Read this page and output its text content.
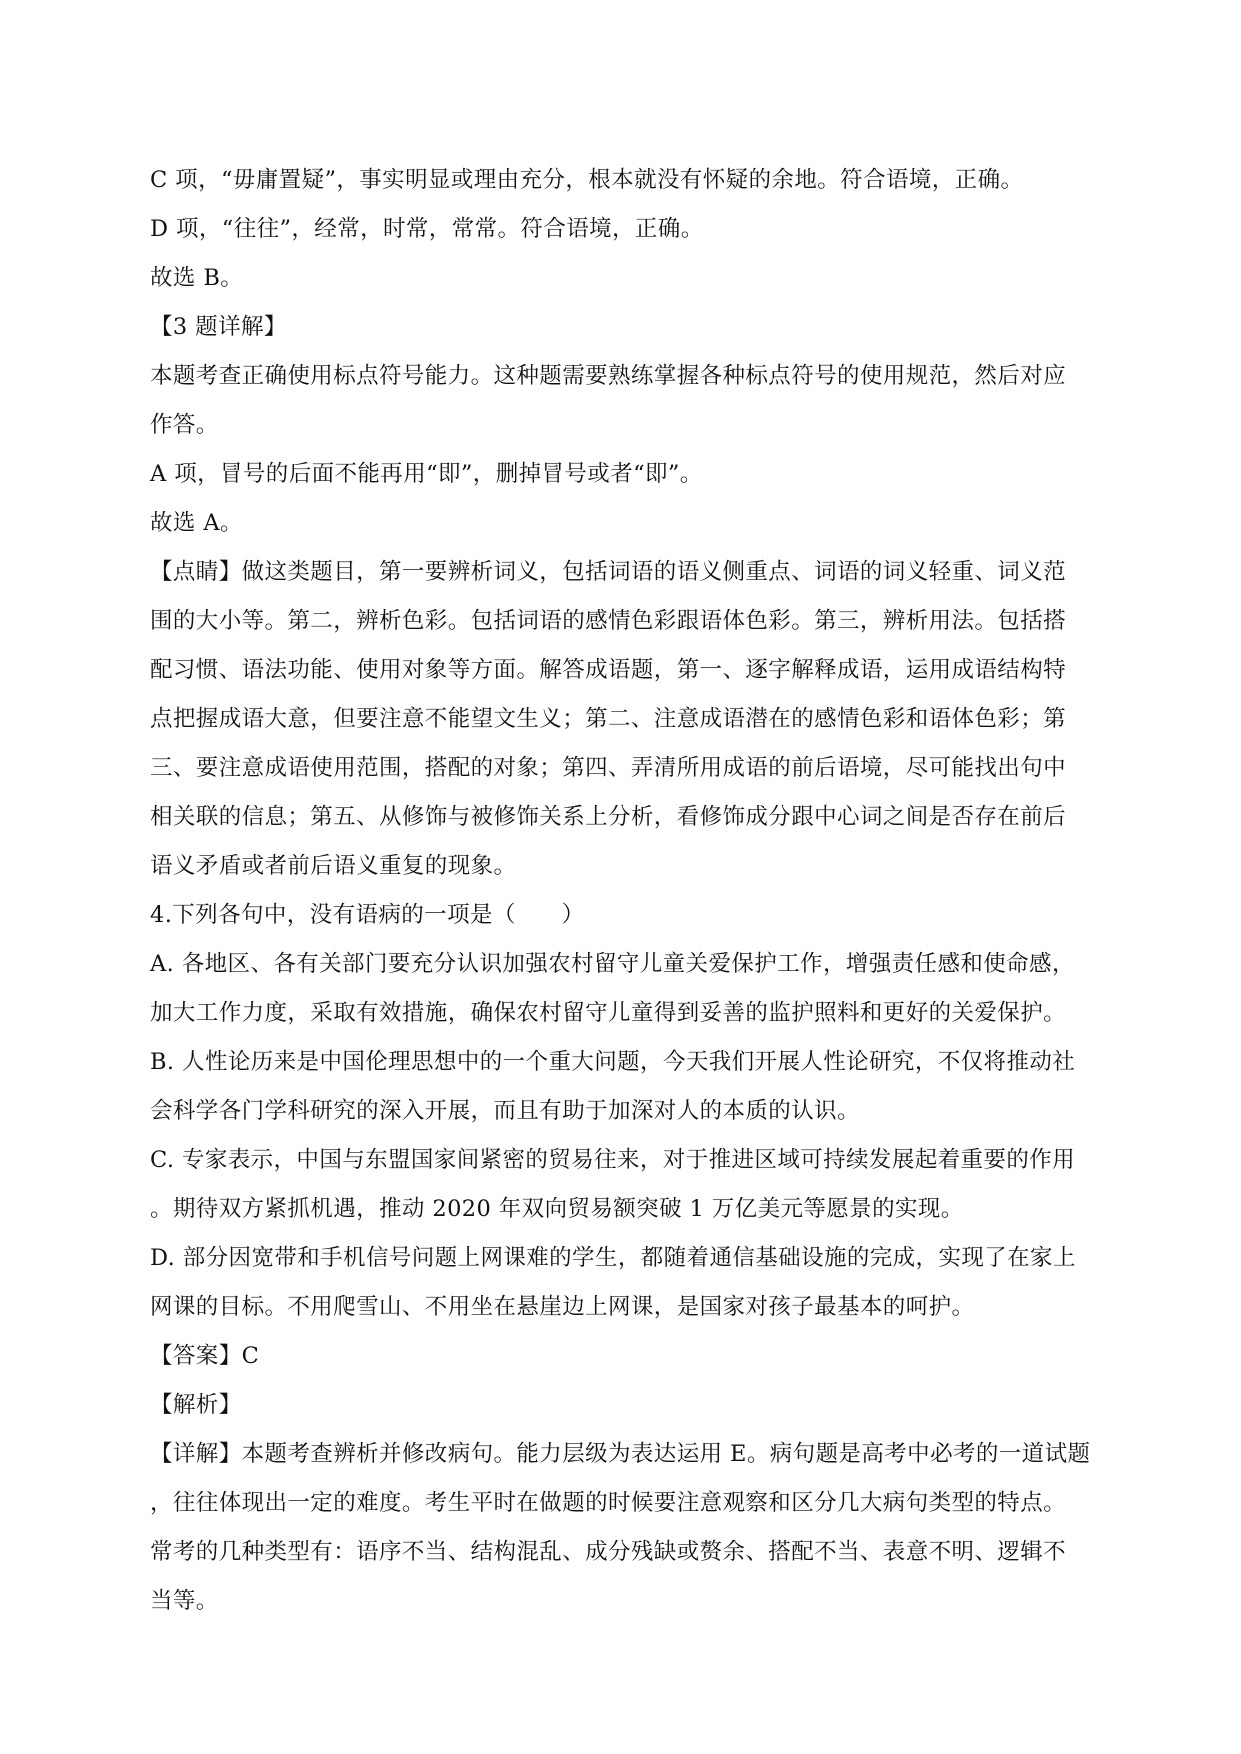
C 项，“毋庸置疑”，事实明显或理由充分，根本就没有怀疑的余地。符合语境，正确。
D 项，“往往”，经常，时常，常常。符合语境，正确。
故选 B。
【3 题详解】
本题考查正确使用标点符号能力。这种题需要熟练掌握各种标点符号的使用规范，然后对应
作答。
A 项，冒号的后面不能再用“即”，删掉冒号或者“即”。
故选 A。
【点睛】做这类题目，第一要辨析词义，包括词语的语义侧重点、词语的词义轻重、词义范
围的大小等。第二，辨析色彩。包括词语的感情色彩跟语体色彩。第三，辨析用法。包括搭
配习惯、语法功能、使用对象等方面。解答成语题，第一、逐字解释成语，运用成语结构特
点把握成语大意，但要注意不能望文生义；第二、注意成语潜在的感情色彩和语体色彩；第
三、要注意成语使用范围，搭配的对象；第四、弄清所用成语的前后语境，尽可能找出句中
相关联的信息；第五、从修饰与被修饰关系上分析，看修饰成分跟中心词之间是否存在前后
语义矛盾或者前后语义重复的现象。
4.下列各句中，没有语病的一项是（　　）
A. 各地区、各有关部门要充分认识加强农村留守儿童关爱保护工作，增强责任感和使命感，
加大工作力度，采取有效措施，确保农村留守儿童得到妥善的监护照料和更好的关爱保护。
B. 人性论历来是中国伦理思想中的一个重大问题，今天我们开展人性论研究，不仅将推动社
会科学各门学科研究的深入开展，而且有助于加深对人的本质的认识。
C. 专家表示，中国与东盟国家间紧密的贸易往来，对于推进区域可持续发展起着重要的作用
。期待双方紧抓机遇，推动 2020 年双向贸易额突破 1 万亿美元等愿景的实现。
D. 部分因宽带和手机信号问题上网课难的学生，都随着通信基础设施的完成，实现了在家上
网课的目标。不用爬雪山、不用坐在悬崖边上网课，是国家对孩子最基本的呵护。
【答案】C
【解析】
【详解】本题考查辨析并修改病句。能力层级为表达运用 E。病句题是高考中必考的一道试题
，往往体现出一定的难度。考生平时在做题的时候要注意观察和区分几大病句类型的特点。
常考的几种类型有：语序不当、结构混乱、成分残缺或赘余、搭配不当、表意不明、逻辑不
当等。
